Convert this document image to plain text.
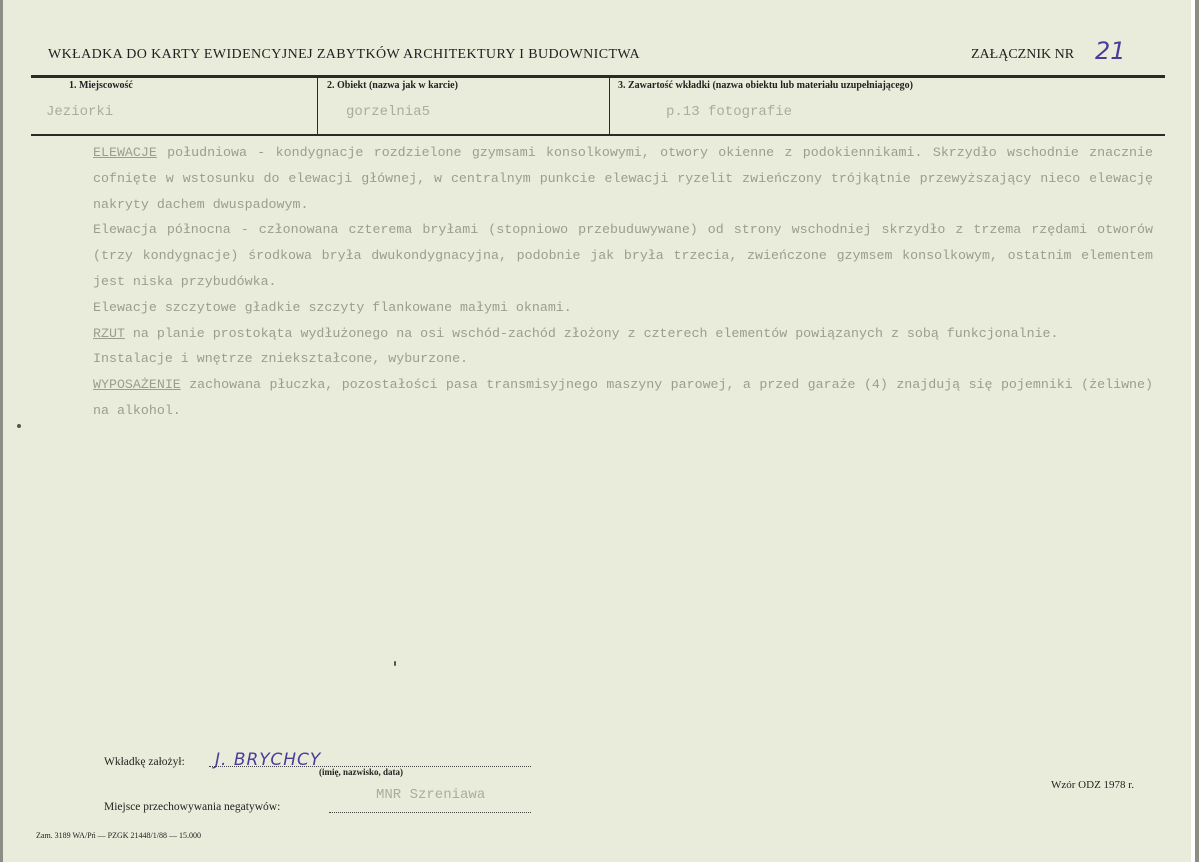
WKŁADKA DO KARTY EWIDENCYJNEJ ZABYTKÓW ARCHITEKTURY I BUDOWNICTWA	ZAŁĄCZNIK NR 21
1. Miejscowość
Jeziorki
2. Obiekt (nazwa jak w karcie)
gorzelnia5
3. Zawartość wkładki (nazwa obiektu lub materiału uzupełniającego)
p.13 fotografie

ELEWACJE południowa - kondygnacje rozdzielone gzymsami konsolkowymi, otwory okienne z podokiennikami. Skrzydło wschodnie znacznie cofnięte w wstosunku do elewacji głównej, w centralnym punkcie elewacji ryzelit zwieńczony trójkątnie przewyższający nieco elewację nakryty dachem dwuspadowym.

Elewacja północna - członowana czterema bryłami (stopniowo przebuduwywane) od strony wschodniej skrzydło z trzema rzędami otworów (trzy kondygnacje) środkowa bryła dwukondygnacyjna, podobnie jak bryła trzecia, zwieńczone gzymsem konsolkowym, ostatnim elementem jest niska przybudówka.

Elewacje szczytowe gładkie szczyty flankowane małymi oknami.

RZUT na planie prostokąta wydłużonego na osi wschód-zachód złożony z czterech elementów powiązanych z sobą funkcjonalnie.

Instalacje i wnętrze zniekształcone, wyburzone.

WYPOSAŻENIE zachowana płuczka, pozostałości pasa transmisyjnego maszyny parowej, a przed garaże (4) znajdują się pojemniki (żeliwne) na alkohol.

Wkładkę założył: J. BRYCHCY
(imię, nazwisko, data)
Miejsce przechowywania negatywów:
MNR Szreniawa
Wzór ODZ 1978 r.
Zam. 3189 WA/Pń — PZGK 21448/1/88 — 15.000
